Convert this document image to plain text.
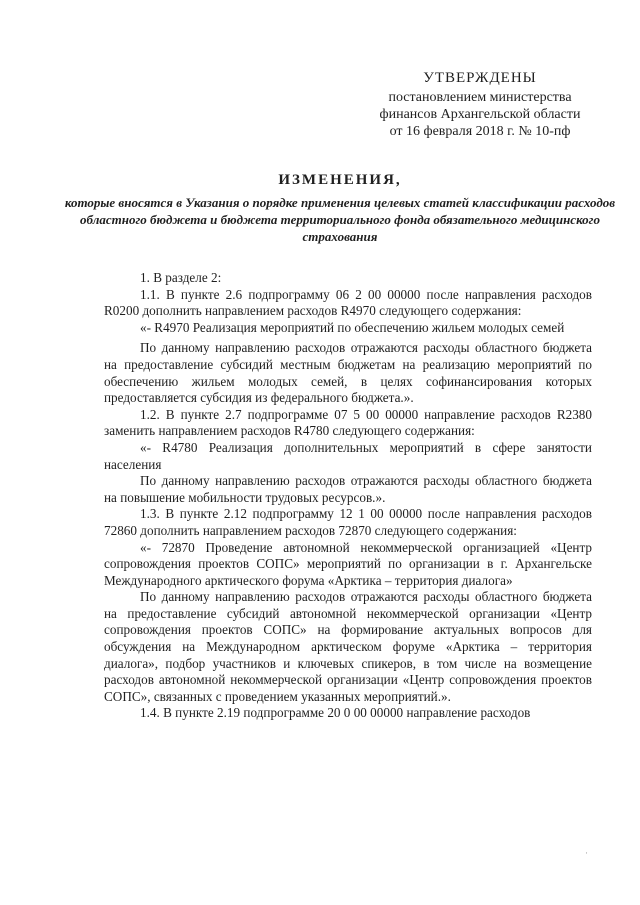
УТВЕРЖДЕНЫ
постановлением министерства
финансов Архангельской области
от 16 февраля 2018 г. № 10-пф
ИЗМЕНЕНИЯ,
которые вносятся в Указания о порядке применения целевых статей классификации расходов областного бюджета и бюджета территориального фонда обязательного медицинского страхования

1. В разделе 2:

1.1. В пункте 2.6 подпрограмму 06 2 00 00000 после направления расходов R0200 дополнить направлением расходов R4970 следующего содержания:

«- R4970 Реализация мероприятий по обеспечению жильем молодых семей

По данному направлению расходов отражаются расходы областного бюджета на предоставление субсидий местным бюджетам на реализацию мероприятий по обеспечению жильем молодых семей, в целях софинансирования которых предоставляется субсидия из федерального бюджета.».

1.2. В пункте 2.7 подпрограмме 07 5 00 00000 направление расходов R2380 заменить направлением расходов R4780 следующего содержания:

«- R4780 Реализация дополнительных мероприятий в сфере занятости населения

По данному направлению расходов отражаются расходы областного бюджета на повышение мобильности трудовых ресурсов.».

1.3. В пункте 2.12 подпрограмму 12 1 00 00000 после направления расходов 72860 дополнить направлением расходов 72870 следующего содержания:

«- 72870 Проведение автономной некоммерческой организацией «Центр сопровождения проектов СОПС» мероприятий по организации в г. Архангельске Международного арктического форума «Арктика – территория диалога»

По данному направлению расходов отражаются расходы областного бюджета на предоставление субсидий автономной некоммерческой организации «Центр сопровождения проектов СОПС» на формирование актуальных вопросов для обсуждения на Международном арктическом форуме «Арктика – территория диалога», подбор участников и ключевых спикеров, в том числе на возмещение расходов автономной некоммерческой организации «Центр сопровождения проектов СОПС», связанных с проведением указанных мероприятий.».

1.4. В пункте 2.19 подпрограмме 20 0 00 00000 направление расходов

·
